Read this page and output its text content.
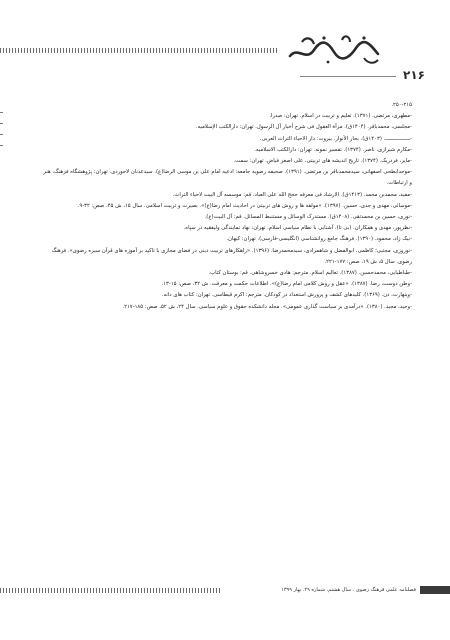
۲۱۶

۲۵۰-۲۱۵.

-مطهری، مرتضی. (۱۳۷۱). تعلیم و تربیت در اسلام. تهران: صدرا.

-مجلسی، محمدباقر. (۱۴۰۴ق). مرآة العقول فی شرح أخبار آل الرسول. تهران: دارالکتب الإسلامیه.

-ــــــــــــــــ. (۱۴۰۳ق). بحار الأنوار. بیروت: دار الاحیاء التراث العربی.

-مکارم شیرازی، ناصر. (۱۳۷۴). تفسیر نمونه. تهران: دارالکتب الاسلامیه.

-مایر، فردریک. (۱۳۷۴). تاریخ اندیشه های تربیتی، علی اصغر فیاض. تهران: سمت.

-موحدابطحی اصفهانی، سیدمحمدباقر بن مرتضی. (۱۳۹۱). صحیفه رضویه جامعه: ادعیه امام علی بن موسی الرضا(ع). سیدعدنان لاجوردی. تهران: پژوهشگاه فرهنگ، هنر و ارتباطات.

-مفید، محمدبن محمد. (۱۴۱۳ق). الارشاد فی معرفه حجج الله علی العباد. قم: موسسه آل البیت لاحیاء التراث.

-موسائی، مهدی و جدی، حسین. (۱۳۹۷). «مولفه ها و روش های تربیتی در احادیث امام رضا(ع)». بصیرت و تربیت اسلامی. سال ۱۵، ش ۴۵، صص: ۳۲-۹.

-نوری، حسین بن محمدتقی. (۱۴۰۸ق). مستدرک الوسائل و مستنبط المسائل. قم: آل البیت(ع).

-نظرپور، مهدی و همکاران. (بی تا). آشنایی با نظام سیاسی اسلام. تهران: نهاد نمایندگی ولیفقیه در سپاه.

-نیک زاد، محمود. (۱۳۹۰). فرهنگ جامع روانشناسی (انگلیسی-فارسی). تهران: کیهان.

-نوروزی، مجتبی؛ کاظمی، ابوالفضل و شاهمرادی، سیدمحمدرضا. (۱۳۹۶). «راهکارهای تربیت دینی در فضای مجازی با تاکید بر آموزه های قرآن سیره رضوی». فرهنگ رضوی. سال ۵، ش ۱۹، صص: ۱۷۷-۲۲۱.

-طباطبایی، محمدحسین. (۱۳۸۷). تعالیم اسلام. مترجم: هادی خسروشاهی. قم: بوستان کتاب.

-وطن دوست، رضا. (۱۳۸۷). «عقل و روش کلامی امام رضا(ع)». اطلاعات حکمت و معرفت. ش ۳۲، صص: ۱۵-۱۳.

-وینهارت، دن. (۱۳۶۹). کلیدهای کشف و پرورش استعداد در کودکان. مترجم: اکرم قیطاسی. تهران: کتاب های دانه.

-وحید، مجید. (۱۳۸۰). «درآمدی بر سیاست گذاری عمومی». مجله دانشکده حقوق و علوم سیاسی. سال ۲۴، ش ۵۲، صص: ۱۸۵-۲۱۷.

فصلنامه علمی فرهنگ رضوی . سال هشتم. شماره ۲۹. بهار ۱۳۹۹
